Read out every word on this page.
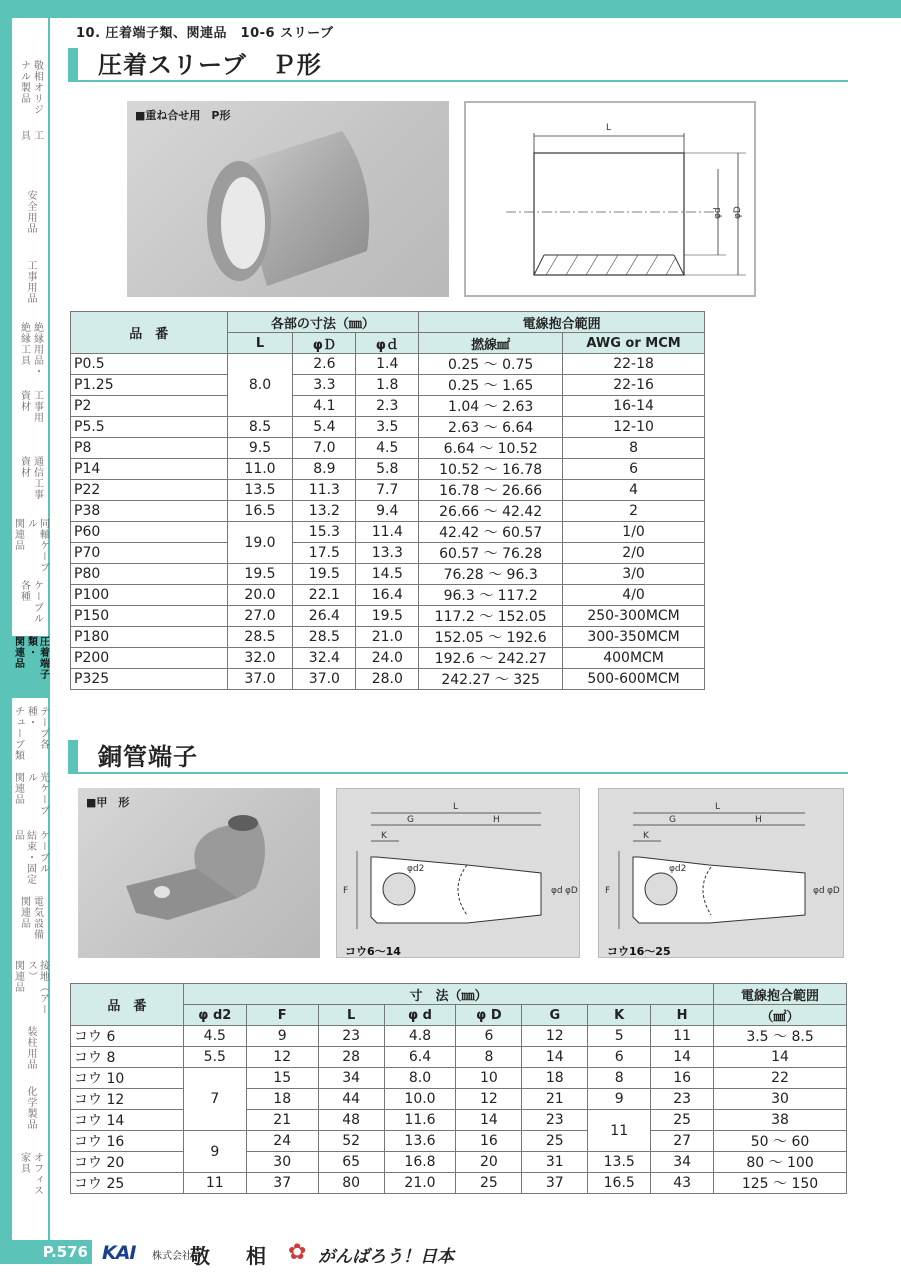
10. 圧着端子類、関連品　10-6 スリーブ
敬相オリジ
ナル製品
工
具
安全用品
工事用品
絶縁用品・
絶縁工具
工事用
資材
通信工事
資材
同軸ケーブル
関連品
ケーブル
各種
圧着端子類・
関連品
テープ各種・
チューブ類
光ケーブル
関連品
ケーブル
結束・固定品
電気設備
関連品
接地（アース）
関連品
装柱用品
化学製品
オフィス
家具
圧着スリーブ　Ｐ形
■重ね合せ用　P形
L
φd φD
品　番	各部の寸法（㎜）			電線抱合範囲	
	L	φＤ	φｄ	撚線㎟	AWG or MCM
P0.5	8.0	2.6	1.4	0.25 ～ 0.75	22-18
P1.25		3.3	1.8	0.25 ～ 1.65	22-16
P2		4.1	2.3	1.04 ～ 2.63	16-14
P5.5	8.5	5.4	3.5	2.63 ～ 6.64	12-10
P8	9.5	7.0	4.5	6.64 ～ 10.52	8
P14	11.0	8.9	5.8	10.52 ～ 16.78	6
P22	13.5	11.3	7.7	16.78 ～ 26.66	4
P38	16.5	13.2	9.4	26.66 ～ 42.42	2
P60	19.0	15.3	11.4	42.42 ～ 60.57	1/0
P70		17.5	13.3	60.57 ～ 76.28	2/0
P80	19.5	19.5	14.5	76.28 ～ 96.3	3/0
P100	20.0	22.1	16.4	96.3 ～ 117.2	4/0
P150	27.0	26.4	19.5	117.2 ～ 152.05	250-300MCM
P180	28.5	28.5	21.0	152.05 ～ 192.6	300-350MCM
P200	32.0	32.4	24.0	192.6 ～ 242.27	400MCM
P325	37.0	37.0	28.0	242.27 ～ 325	500-600MCM
銅管端子
■甲　形	L
G	H
K
φd2
F	φd φD
コウ6～14
L
G	H
K
φd2
F	φd φD
コウ16～25
品　番	寸　法（㎜）								電線抱合範囲
	φ d2	F	L	φ d	φ D	G	K	H	（㎟）
コウ 6	4.5	9	23	4.8	6	12	5	11	3.5 ～ 8.5
コウ 8	5.5	12	28	6.4	8	14	6	14	14
コウ 10	7	15	34	8.0	10	18	8	16	22
コウ 12		18	44	10.0	12	21	9	23	30
コウ 14		21	48	11.6	14	23	11	25	38
コウ 16	9	24	52	13.6	16	25		27	50 ～ 60
コウ 20		30	65	16.8	20	31	13.5	34	80 ～ 100
コウ 25	11	37	80	21.0	25	37	16.5	43	125 ～ 150
P.576 KAI 株式会社
敬 相 ✿ がんばろう！日本
